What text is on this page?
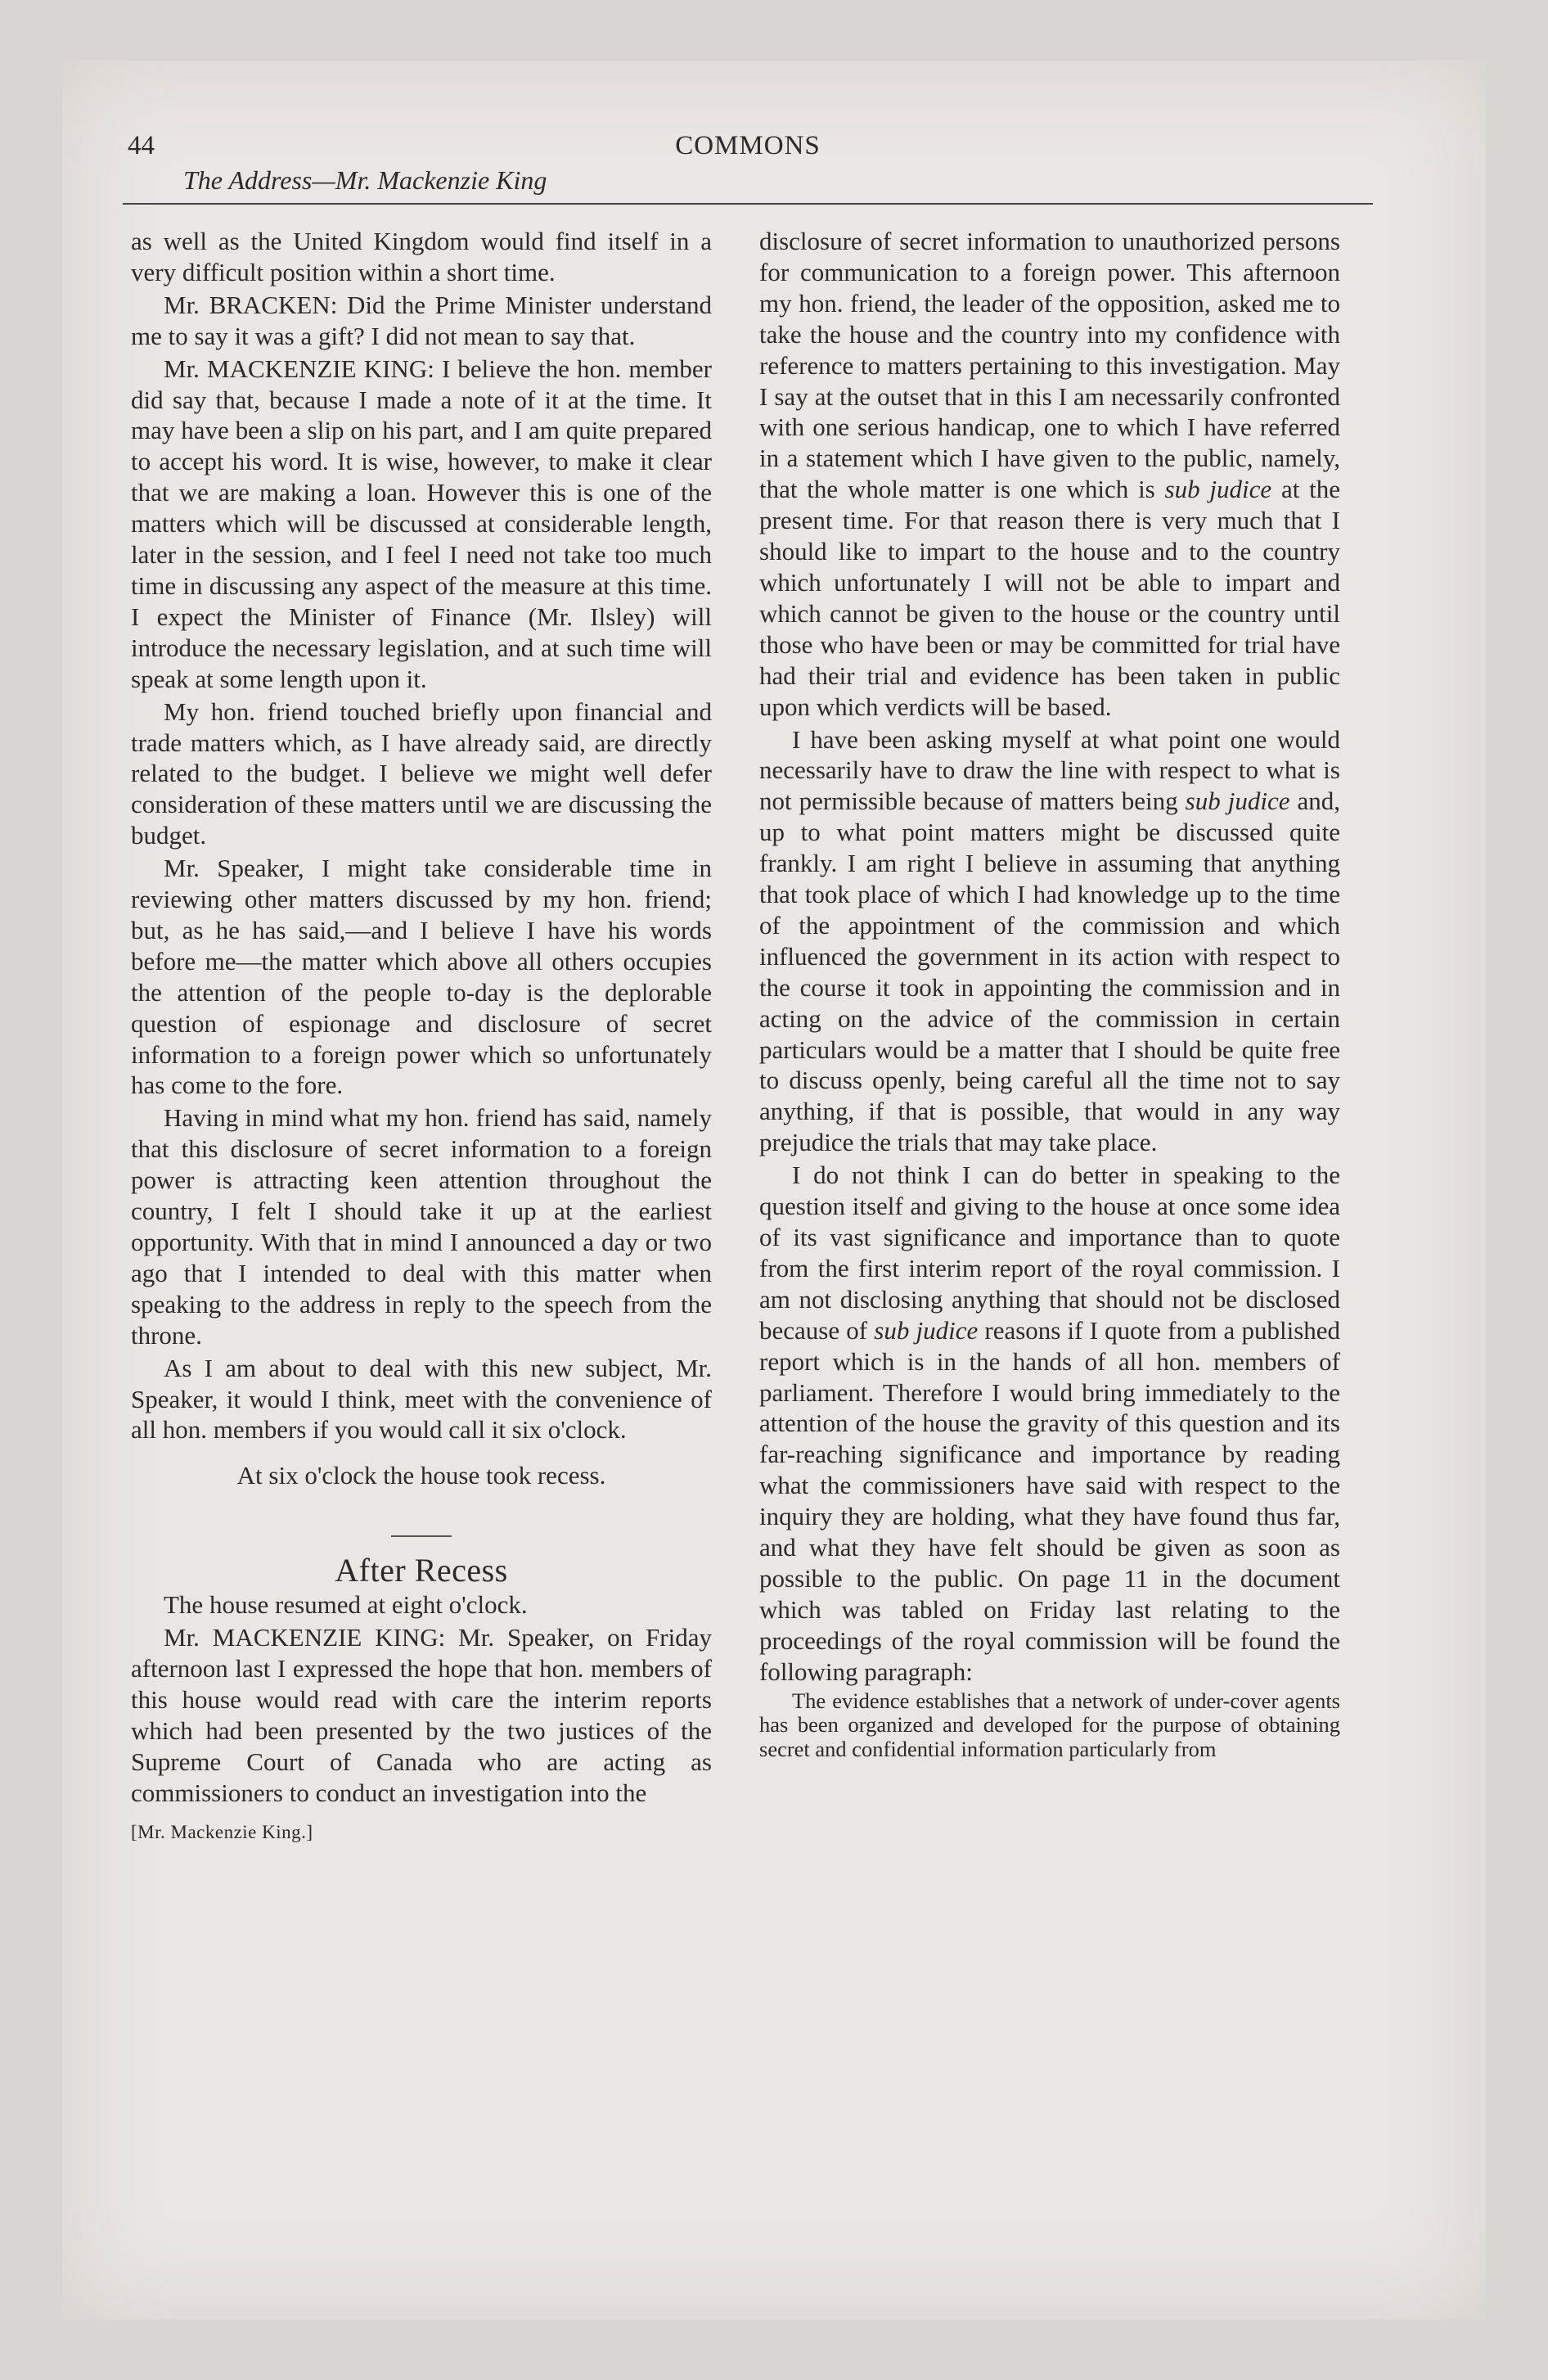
44	COMMONS
The Address—Mr. Mackenzie King

as well as the United Kingdom would find itself in a very difficult position within a short time.

Mr. BRACKEN: Did the Prime Minister understand me to say it was a gift? I did not mean to say that.

Mr. MACKENZIE KING: I believe the hon. member did say that, because I made a note of it at the time. It may have been a slip on his part, and I am quite prepared to accept his word. It is wise, however, to make it clear that we are making a loan. However this is one of the matters which will be discussed at considerable length, later in the session, and I feel I need not take too much time in discussing any aspect of the measure at this time. I expect the Minister of Finance (Mr. Ilsley) will introduce the necessary legislation, and at such time will speak at some length upon it.

My hon. friend touched briefly upon financial and trade matters which, as I have already said, are directly related to the budget. I believe we might well defer consideration of these matters until we are discussing the budget.

Mr. Speaker, I might take considerable time in reviewing other matters discussed by my hon. friend; but, as he has said,—and I believe I have his words before me—the matter which above all others occupies the attention of the people to-day is the deplorable question of espionage and disclosure of secret information to a foreign power which so unfortunately has come to the fore.

Having in mind what my hon. friend has said, namely that this disclosure of secret information to a foreign power is attracting keen attention throughout the country, I felt I should take it up at the earliest opportunity. With that in mind I announced a day or two ago that I intended to deal with this matter when speaking to the address in reply to the speech from the throne.

As I am about to deal with this new subject, Mr. Speaker, it would I think, meet with the convenience of all hon. members if you would call it six o'clock.

At six o'clock the house took recess.

After Recess

The house resumed at eight o'clock.

Mr. MACKENZIE KING: Mr. Speaker, on Friday afternoon last I expressed the hope that hon. members of this house would read with care the interim reports which had been presented by the two justices of the Supreme Court of Canada who are acting as commissioners to conduct an investigation into the

[Mr. Mackenzie King.]

disclosure of secret information to unauthorized persons for communication to a foreign power. This afternoon my hon. friend, the leader of the opposition, asked me to take the house and the country into my confidence with reference to matters pertaining to this investigation. May I say at the outset that in this I am necessarily confronted with one serious handicap, one to which I have referred in a statement which I have given to the public, namely, that the whole matter is one which is sub judice at the present time. For that reason there is very much that I should like to impart to the house and to the country which unfortunately I will not be able to impart and which cannot be given to the house or the country until those who have been or may be committed for trial have had their trial and evidence has been taken in public upon which verdicts will be based.

I have been asking myself at what point one would necessarily have to draw the line with respect to what is not permissible because of matters being sub judice and, up to what point matters might be discussed quite frankly. I am right I believe in assuming that anything that took place of which I had knowledge up to the time of the appointment of the commission and which influenced the government in its action with respect to the course it took in appointing the commission and in acting on the advice of the commission in certain particulars would be a matter that I should be quite free to discuss openly, being careful all the time not to say anything, if that is possible, that would in any way prejudice the trials that may take place.

I do not think I can do better in speaking to the question itself and giving to the house at once some idea of its vast significance and importance than to quote from the first interim report of the royal commission. I am not disclosing anything that should not be disclosed because of sub judice reasons if I quote from a published report which is in the hands of all hon. members of parliament. Therefore I would bring immediately to the attention of the house the gravity of this question and its far-reaching significance and importance by reading what the commissioners have said with respect to the inquiry they are holding, what they have found thus far, and what they have felt should be given as soon as possible to the public. On page 11 in the document which was tabled on Friday last relating to the proceedings of the royal commission will be found the following paragraph:

The evidence establishes that a network of under-cover agents has been organized and developed for the purpose of obtaining secret and confidential information particularly from
